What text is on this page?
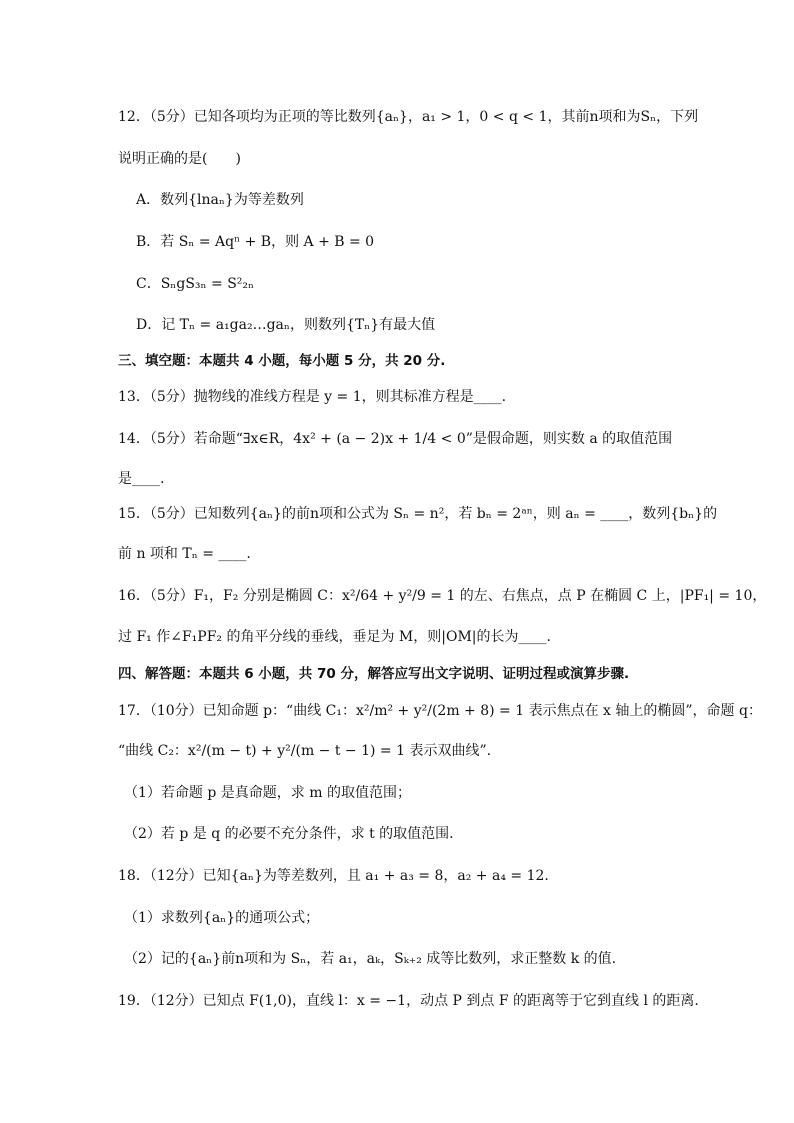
12．（5分）已知各项均为正项的等比数列{aₙ}，a₁ > 1，0 < q < 1，其前n项和为Sₙ，下列
说明正确的是(　　)
A．数列{lnaₙ}为等差数列
B．若 Sₙ = Aqⁿ + B，则 A + B = 0
C．SₙgS₃ₙ = S²₂ₙ
D．记 Tₙ = a₁ga₂…gaₙ，则数列{Tₙ}有最大值
三、填空题：本题共 4 小题，每小题 5 分，共 20 分.
13．（5分）抛物线的准线方程是 y = 1，则其标准方程是____.
14．（5分）若命题“∃x∈R，4x² + (a − 2)x + 1/4 < 0”是假命题，则实数 a 的取值范围
是____.
15．（5分）已知数列{aₙ}的前n项和公式为 Sₙ = n²，若 bₙ = 2ᵃⁿ，则 aₙ = ____，数列{bₙ}的
前 n 项和 Tₙ = ____.
16．（5分）F₁，F₂ 分别是椭圆 C：x²/64 + y²/9 = 1 的左、右焦点，点 P 在椭圆 C 上，|PF₁| = 10，
过 F₁ 作∠F₁PF₂ 的角平分线的垂线，垂足为 M，则|OM|的长为____.
四、解答题：本题共 6 小题，共 70 分，解答应写出文字说明、证明过程或演算步骤.
17．（10分）已知命题 p：“曲线 C₁：x²/m² + y²/(2m + 8) = 1 表示焦点在 x 轴上的椭圆”，命题 q：
“曲线 C₂：x²/(m − t) + y²/(m − t − 1) = 1 表示双曲线”.
（1）若命题 p 是真命题，求 m 的取值范围；
（2）若 p 是 q 的必要不充分条件，求 t 的取值范围.
18．（12分）已知{aₙ}为等差数列，且 a₁ + a₃ = 8，a₂ + a₄ = 12.
（1）求数列{aₙ}的通项公式；
（2）记的{aₙ}前n项和为 Sₙ，若 a₁，aₖ，Sₖ₊₂ 成等比数列，求正整数 k 的值.
19．（12分）已知点 F(1,0)，直线 l：x = −1，动点 P 到点 F 的距离等于它到直线 l 的距离.
